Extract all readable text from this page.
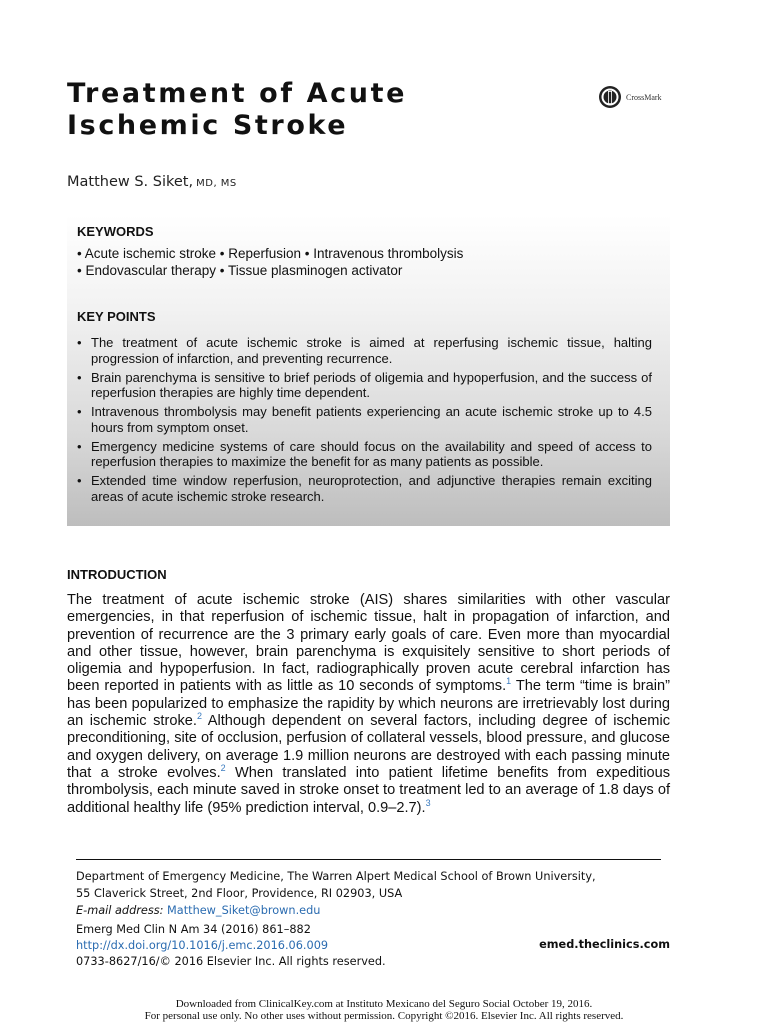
Treatment of Acute
Ischemic Stroke
CrossMark
Matthew S. Siket, MD, MS
KEYWORDS
• Acute ischemic stroke • Reperfusion • Intravenous thrombolysis
• Endovascular therapy • Tissue plasminogen activator
KEY POINTS
• The treatment of acute ischemic stroke is aimed at reperfusing ischemic tissue, halting progression of infarction, and preventing recurrence.
• Brain parenchyma is sensitive to brief periods of oligemia and hypoperfusion, and the success of reperfusion therapies are highly time dependent.
• Intravenous thrombolysis may benefit patients experiencing an acute ischemic stroke up to 4.5 hours from symptom onset.
• Emergency medicine systems of care should focus on the availability and speed of access to reperfusion therapies to maximize the benefit for as many patients as possible.
• Extended time window reperfusion, neuroprotection, and adjunctive therapies remain exciting areas of acute ischemic stroke research.
INTRODUCTION

The treatment of acute ischemic stroke (AIS) shares similarities with other vascular emergencies, in that reperfusion of ischemic tissue, halt in propagation of infarction, and prevention of recurrence are the 3 primary early goals of care. Even more than myocardial and other tissue, however, brain parenchyma is exquisitely sensitive to short periods of oligemia and hypoperfusion. In fact, radiographically proven acute cerebral infarction has been reported in patients with as little as 10 seconds of symptoms.$^1$ The term “time is brain” has been popularized to emphasize the rapidity by which neurons are irretrievably lost during an ischemic stroke.$^2$ Although dependent on several factors, including degree of ischemic preconditioning, site of occlusion, perfusion of collateral vessels, blood pressure, and glucose and oxygen delivery, on average 1.9 million neurons are destroyed with each passing minute that a stroke evolves.$^2$ When translated into patient lifetime benefits from expeditious thrombolysis, each minute saved in stroke onset to treatment led to an average of 1.8 days of additional healthy life (95% prediction interval, 0.9–2.7).$^3$

Department of Emergency Medicine, The Warren Alpert Medical School of Brown University,
55 Claverick Street, 2nd Floor, Providence, RI 02903, USA
E-mail address: Matthew_Siket@brown.edu
Emerg Med Clin N Am 34 (2016) 861–882
http://dx.doi.org/10.1016/j.emc.2016.06.009
0733-8627/16/© 2016 Elsevier Inc. All rights reserved.
emed.theclinics.com
Downloaded from ClinicalKey.com at Instituto Mexicano del Seguro Social October 19, 2016.
For personal use only. No other uses without permission. Copyright ©2016. Elsevier Inc. All rights reserved.
